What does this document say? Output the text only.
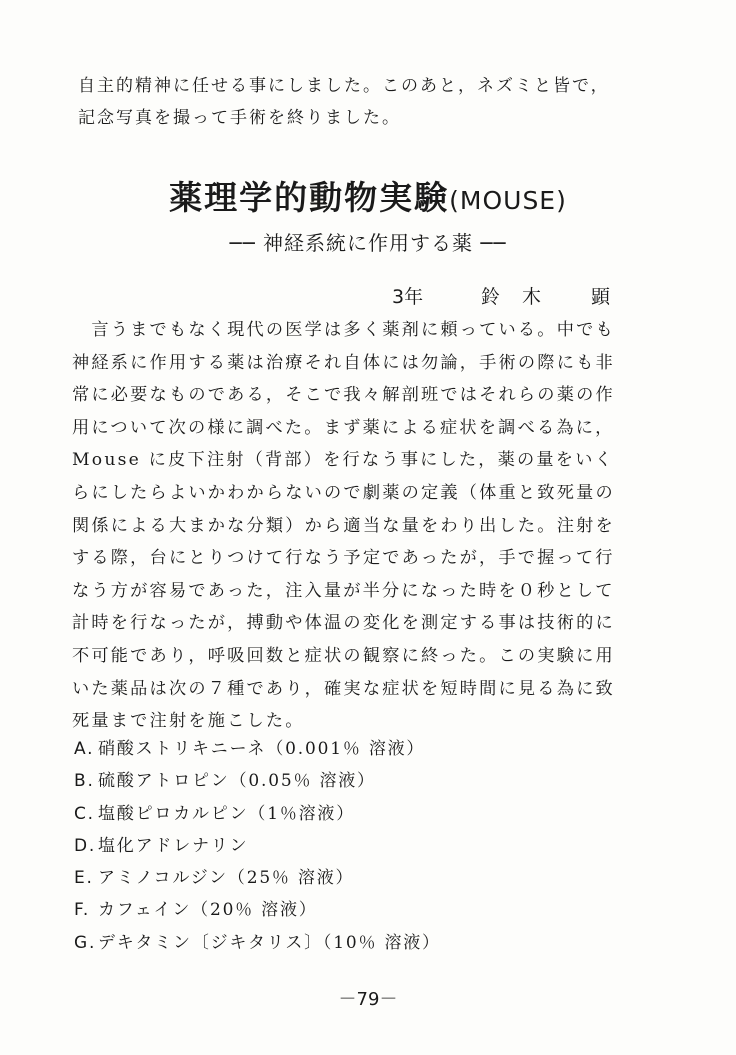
自主的精神に任せる事にしました。このあと，ネズミと皆で，

記念写真を撮って手術を終りました。

薬理学的動物実験(MOUSE)
── 神経系統に作用する薬 ──
3年	鈴木 顕

　言うまでもなく現代の医学は多く薬剤に頼っている。中でも

神経系に作用する薬は治療それ自体には勿論，手術の際にも非

常に必要なものである，そこで我々解剖班ではそれらの薬の作

用について次の様に調べた。まず薬による症状を調べる為に，

Mouse に皮下注射（背部）を行なう事にした，薬の量をいく

らにしたらよいかわからないので劇薬の定義（体重と致死量の

関係による大まかな分類）から適当な量をわり出した。注射を

する際，台にとりつけて行なう予定であったが，手で握って行

なう方が容易であった，注入量が半分になった時を０秒として

計時を行なったが，搏動や体温の変化を測定する事は技術的に

不可能であり，呼吸回数と症状の観察に終った。この実験に用

いた薬品は次の７種であり，確実な症状を短時間に見る為に致

死量まで注射を施こした。

A. 硝酸ストリキニーネ（0.001％ 溶液）
B. 硫酸アトロピン（0.05％ 溶液）
C. 塩酸ピロカルピン（1％溶液）
D. 塩化アドレナリン
E. アミノコルジン（25％ 溶液）
F. カフェイン（20％ 溶液）
G. デキタミン〔ジキタリス〕（10％ 溶液）
－79－
